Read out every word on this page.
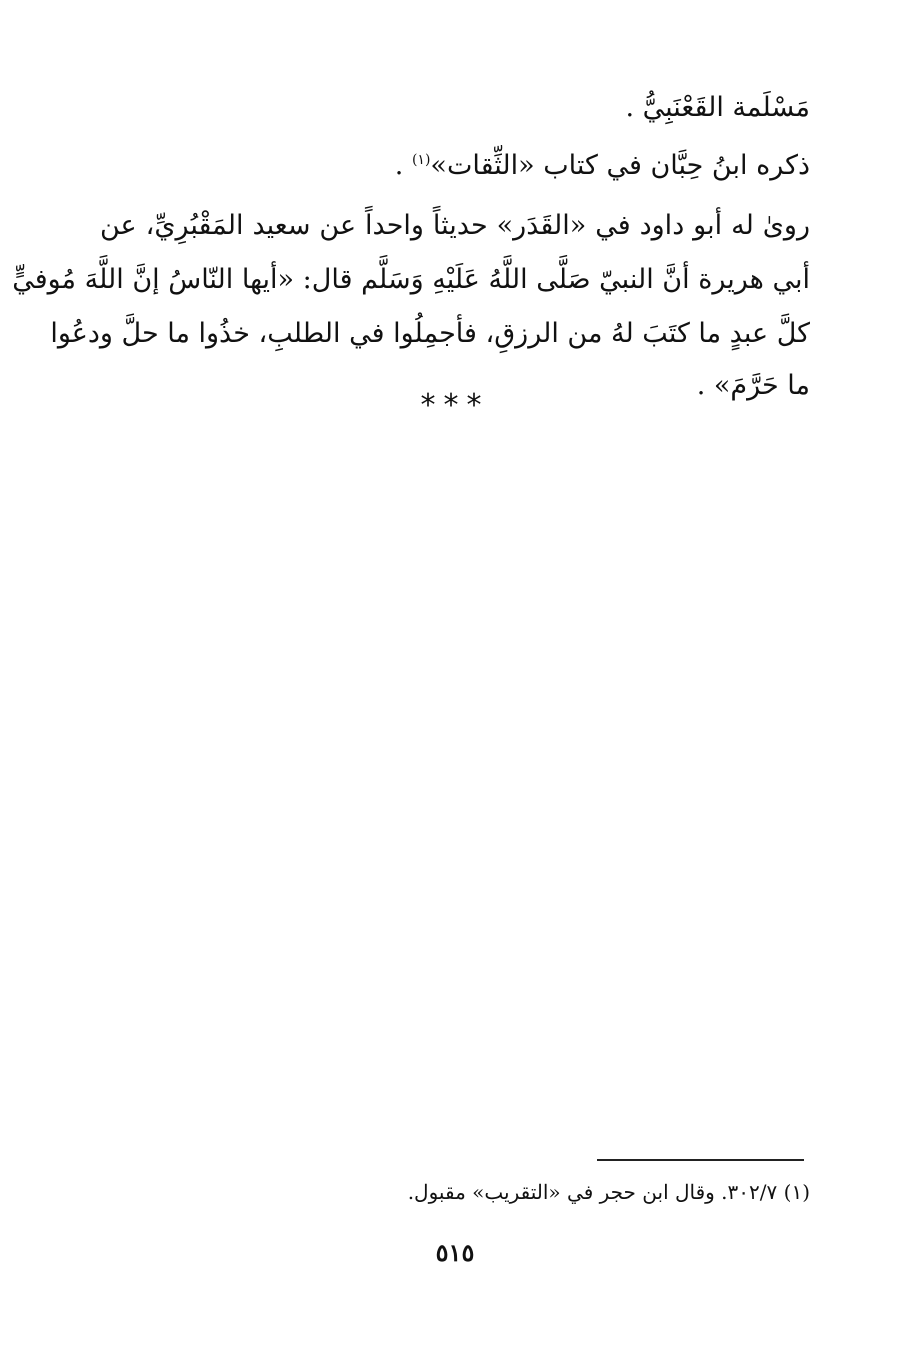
مَسْلَمة القَعْنَبِيُّ .
ذكره ابنُ حِبَّان في كتاب «الثِّقات»$^{(١)}$ .
روىٰ له أبو داود في «القَدَر» حديثاً واحداً عن سعيد المَقْبُرِيِّ، عن
أبي هريرة أنَّ النبيّ صَلَّى اللَّهُ عَلَيْهِ وَسَلَّم قال: «أيها النّاسُ إنَّ اللَّهَ مُوفيٍّ
كلَّ عبدٍ ما كتَبَ لهُ من الرزقِ، فأجمِلُوا في الطلبِ، خذُوا ما حلَّ ودعُوا
ما حَرَّمَ» .
***
(١) ٣٠٢/٧. وقال ابن حجر في «التقريب» مقبول.
٥١٥
